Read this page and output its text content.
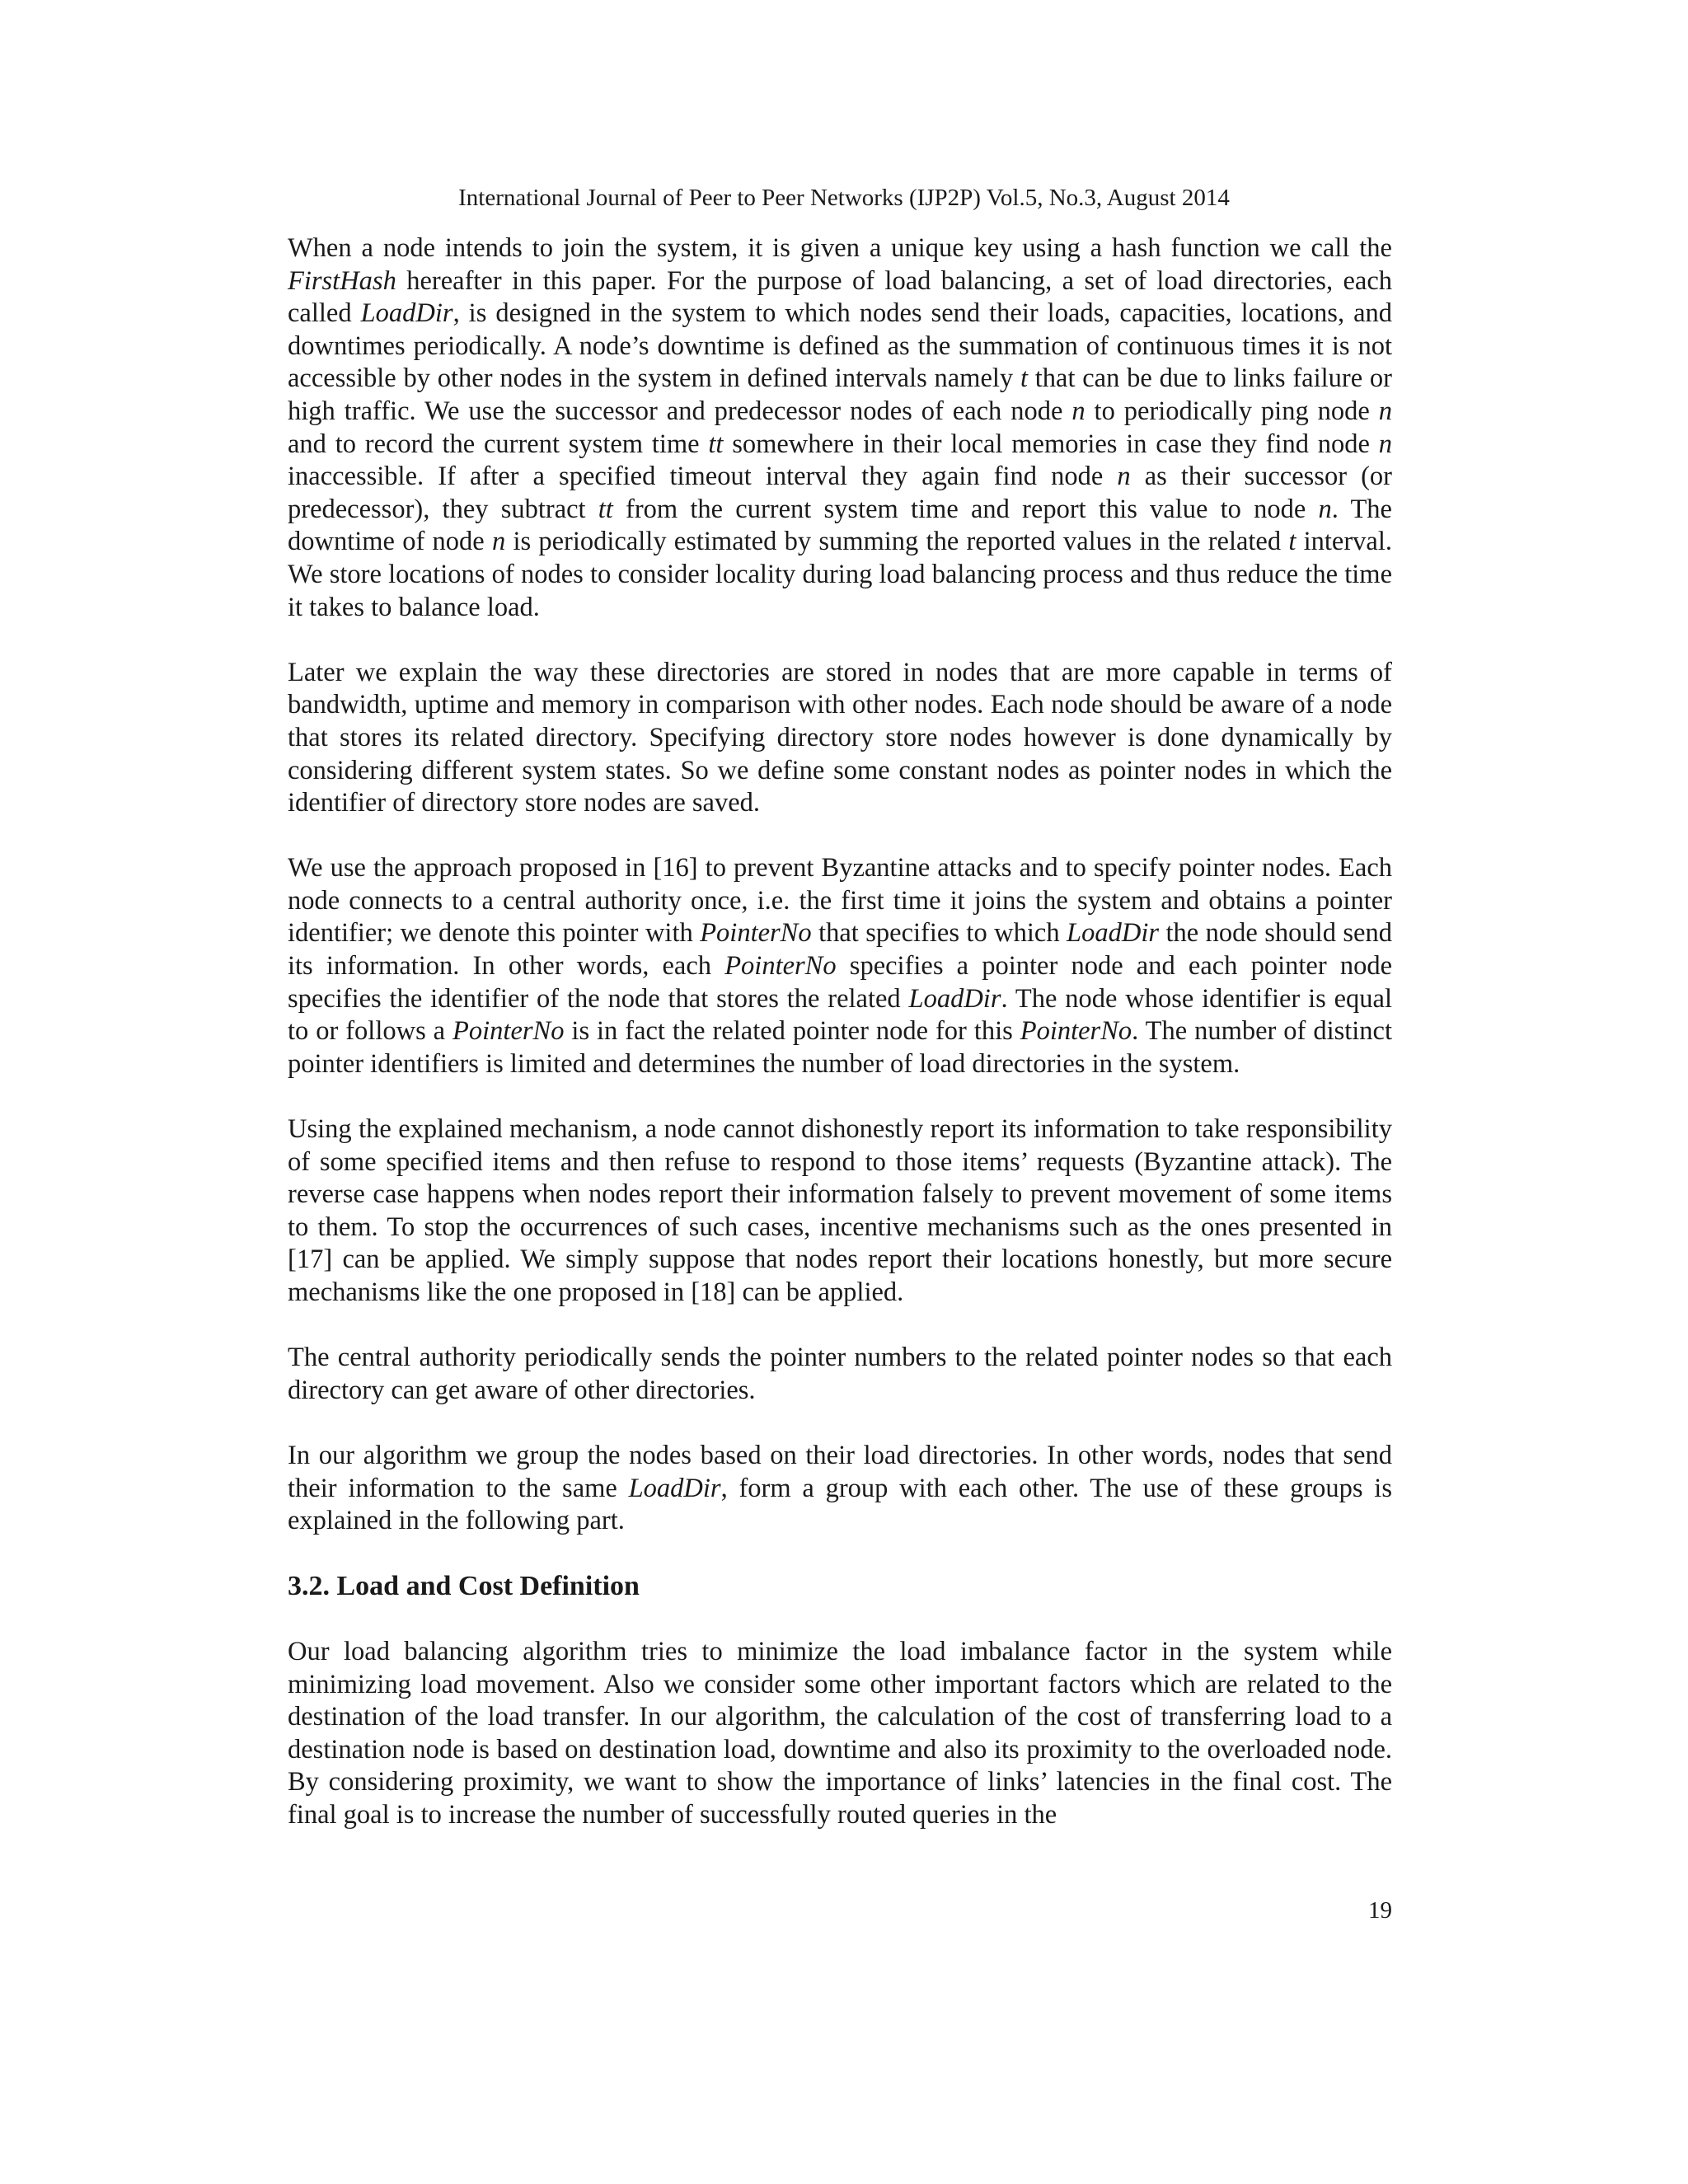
International Journal of Peer to Peer Networks (IJP2P) Vol.5, No.3, August 2014

When a node intends to join the system, it is given a unique key using a hash function we call the FirstHash hereafter in this paper. For the purpose of load balancing, a set of load directories, each called LoadDir, is designed in the system to which nodes send their loads, capacities, locations, and downtimes periodically. A node’s downtime is defined as the summation of continuous times it is not accessible by other nodes in the system in defined intervals namely t that can be due to links failure or high traffic. We use the successor and predecessor nodes of each node n to periodically ping node n and to record the current system time tt somewhere in their local memories in case they find node n inaccessible. If after a specified timeout interval they again find node n as their successor (or predecessor), they subtract tt from the current system time and report this value to node n. The downtime of node n is periodically estimated by summing the reported values in the related t interval. We store locations of nodes to consider locality during load balancing process and thus reduce the time it takes to balance load.

Later we explain the way these directories are stored in nodes that are more capable in terms of bandwidth, uptime and memory in comparison with other nodes. Each node should be aware of a node that stores its related directory. Specifying directory store nodes however is done dynamically by considering different system states. So we define some constant nodes as pointer nodes in which the identifier of directory store nodes are saved.

We use the approach proposed in [16] to prevent Byzantine attacks and to specify pointer nodes. Each node connects to a central authority once, i.e. the first time it joins the system and obtains a pointer identifier; we denote this pointer with PointerNo that specifies to which LoadDir the node should send its information. In other words, each PointerNo specifies a pointer node and each pointer node specifies the identifier of the node that stores the related LoadDir. The node whose identifier is equal to or follows a PointerNo is in fact the related pointer node for this PointerNo. The number of distinct pointer identifiers is limited and determines the number of load directories in the system.

Using the explained mechanism, a node cannot dishonestly report its information to take responsibility of some specified items and then refuse to respond to those items’ requests (Byzantine attack). The reverse case happens when nodes report their information falsely to prevent movement of some items to them. To stop the occurrences of such cases, incentive mechanisms such as the ones presented in [17] can be applied. We simply suppose that nodes report their locations honestly, but more secure mechanisms like the one proposed in [18] can be applied.

The central authority periodically sends the pointer numbers to the related pointer nodes so that each directory can get aware of other directories.

In our algorithm we group the nodes based on their load directories. In other words, nodes that send their information to the same LoadDir, form a group with each other. The use of these groups is explained in the following part.

3.2. Load and Cost Definition

Our load balancing algorithm tries to minimize the load imbalance factor in the system while minimizing load movement. Also we consider some other important factors which are related to the destination of the load transfer. In our algorithm, the calculation of the cost of transferring load to a destination node is based on destination load, downtime and also its proximity to the overloaded node. By considering proximity, we want to show the importance of links’ latencies in the final cost. The final goal is to increase the number of successfully routed queries in the

19
